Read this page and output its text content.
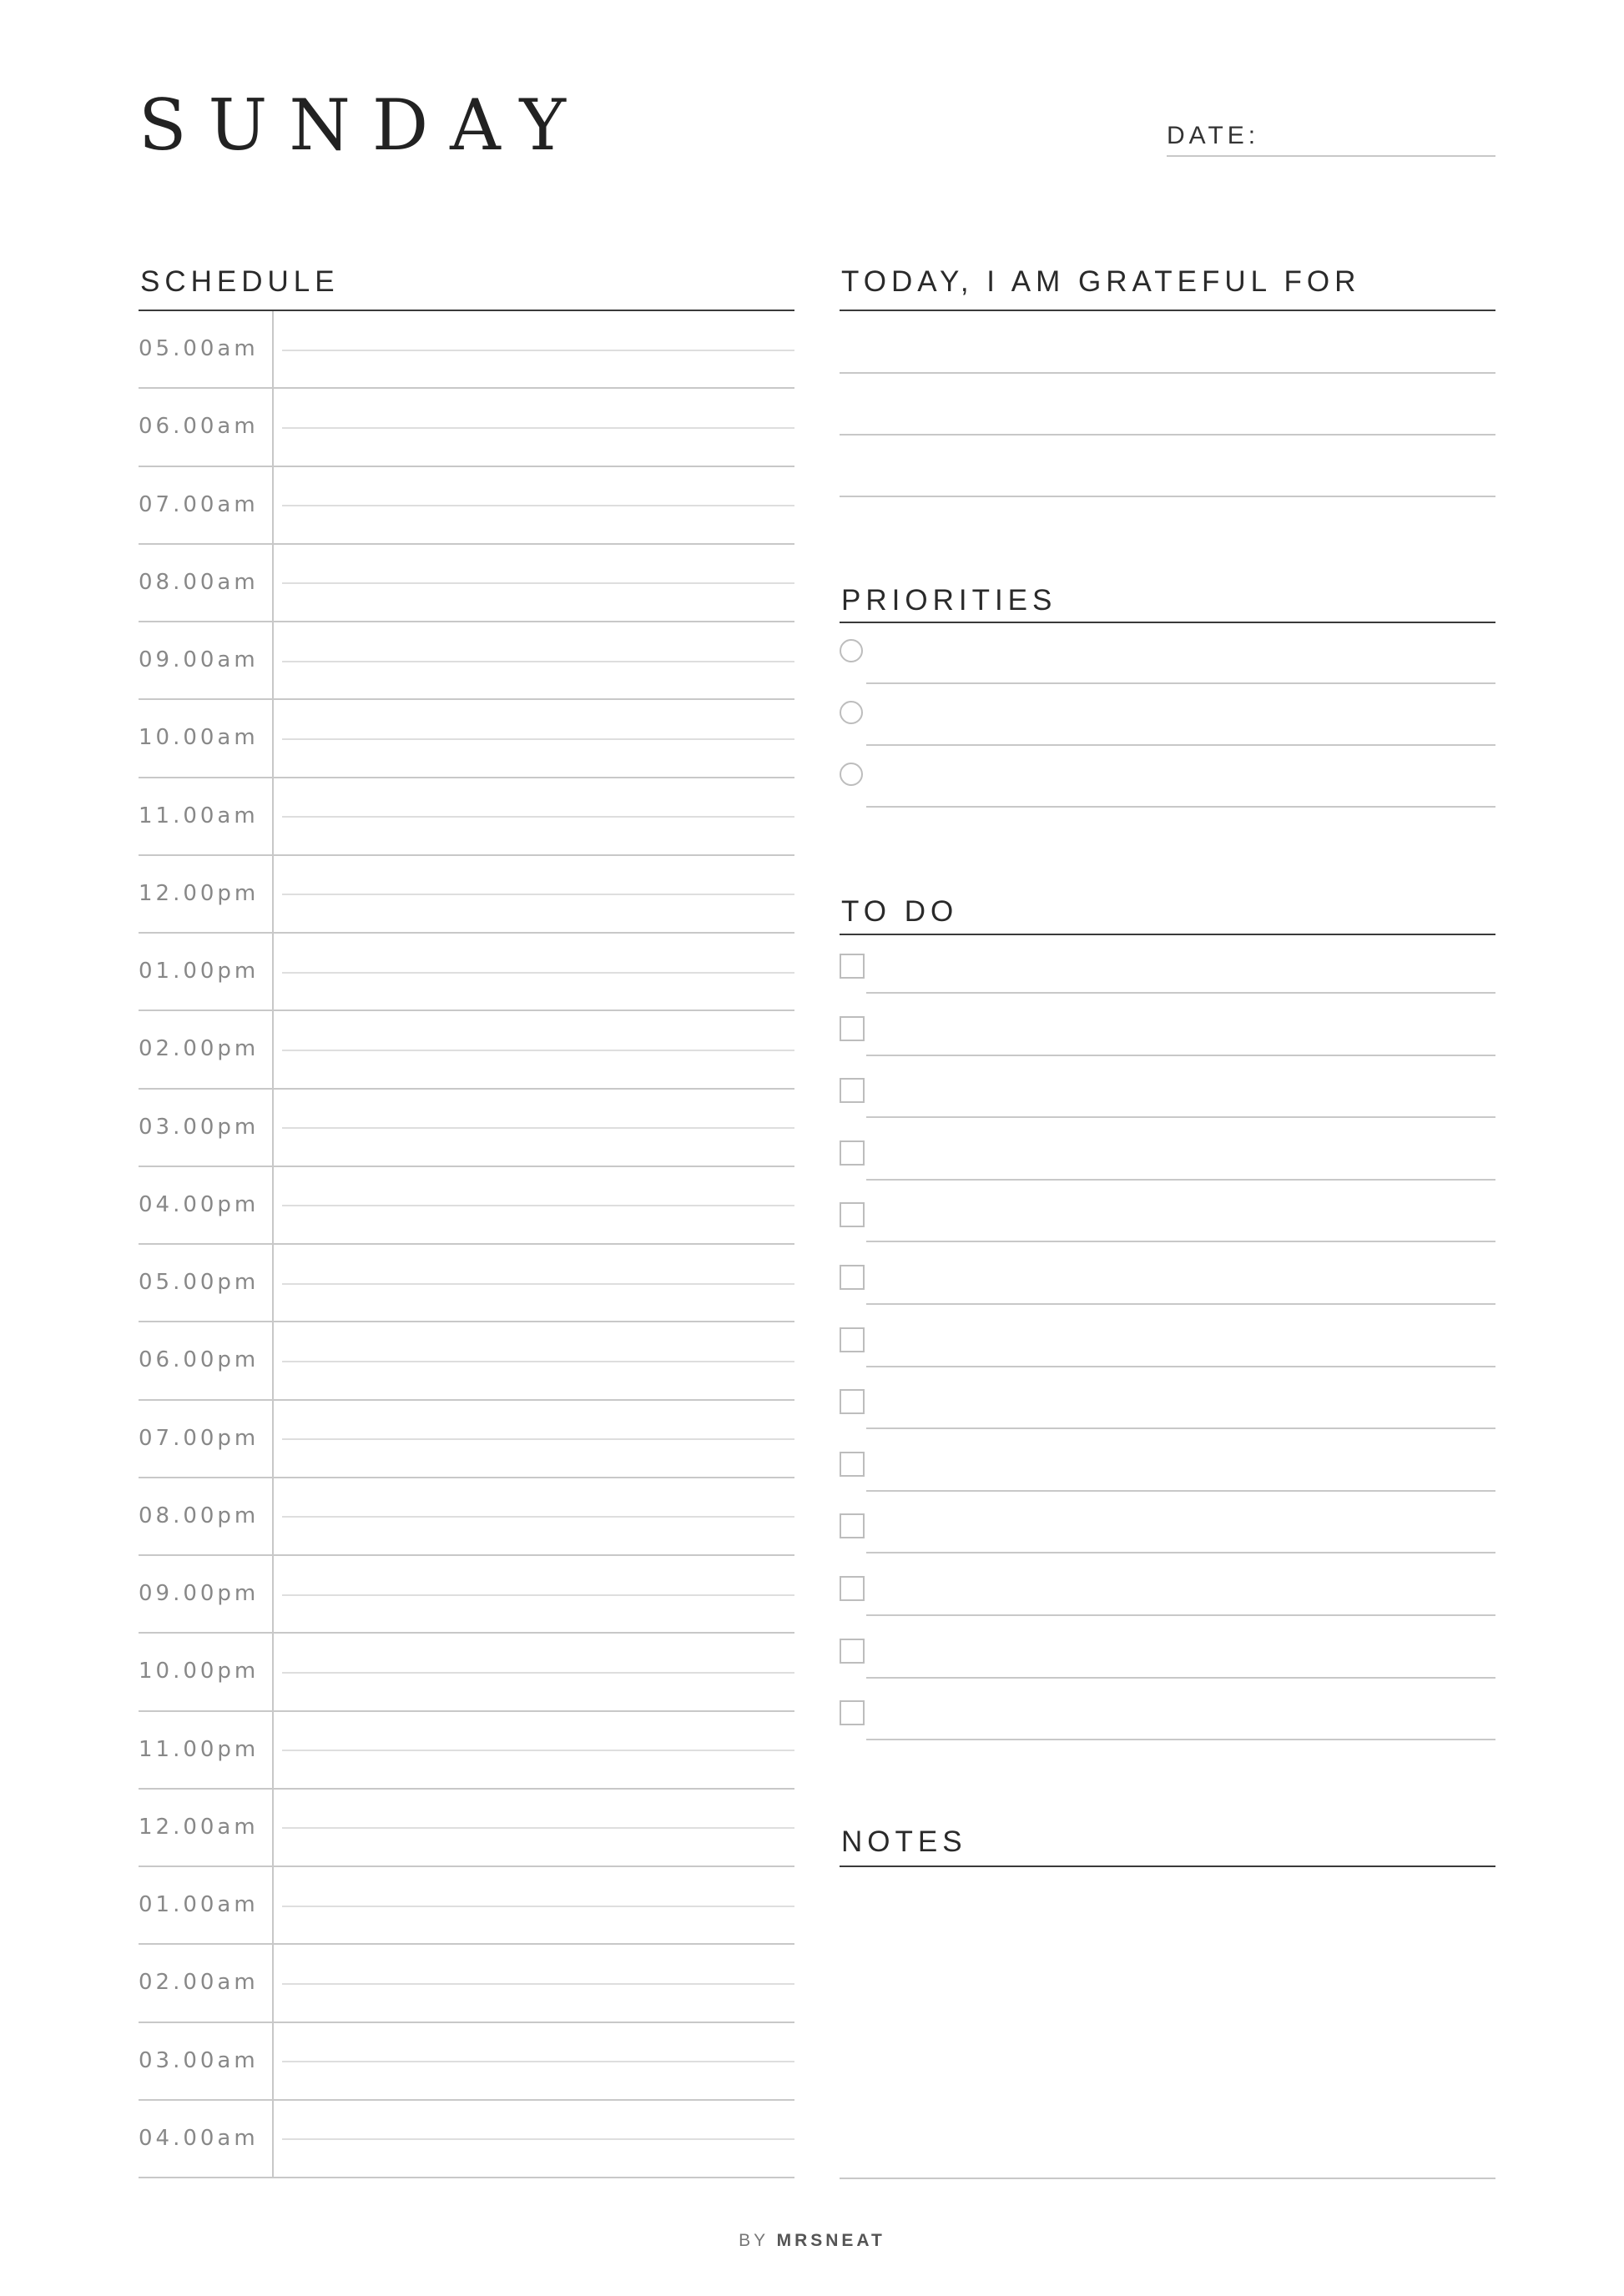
SUNDAY	DATE:
SCHEDULE
05.00am
06.00am
07.00am
08.00am
09.00am
10.00am
11.00am
12.00pm
01.00pm
02.00pm
03.00pm
04.00pm
05.00pm
06.00pm
07.00pm
08.00pm
09.00pm
10.00pm
11.00pm
12.00am
01.00am
02.00am
03.00am
04.00am
TODAY, I AM GRATEFUL FOR
PRIORITIES
TO DO
NOTES
BY MRSNEAT
